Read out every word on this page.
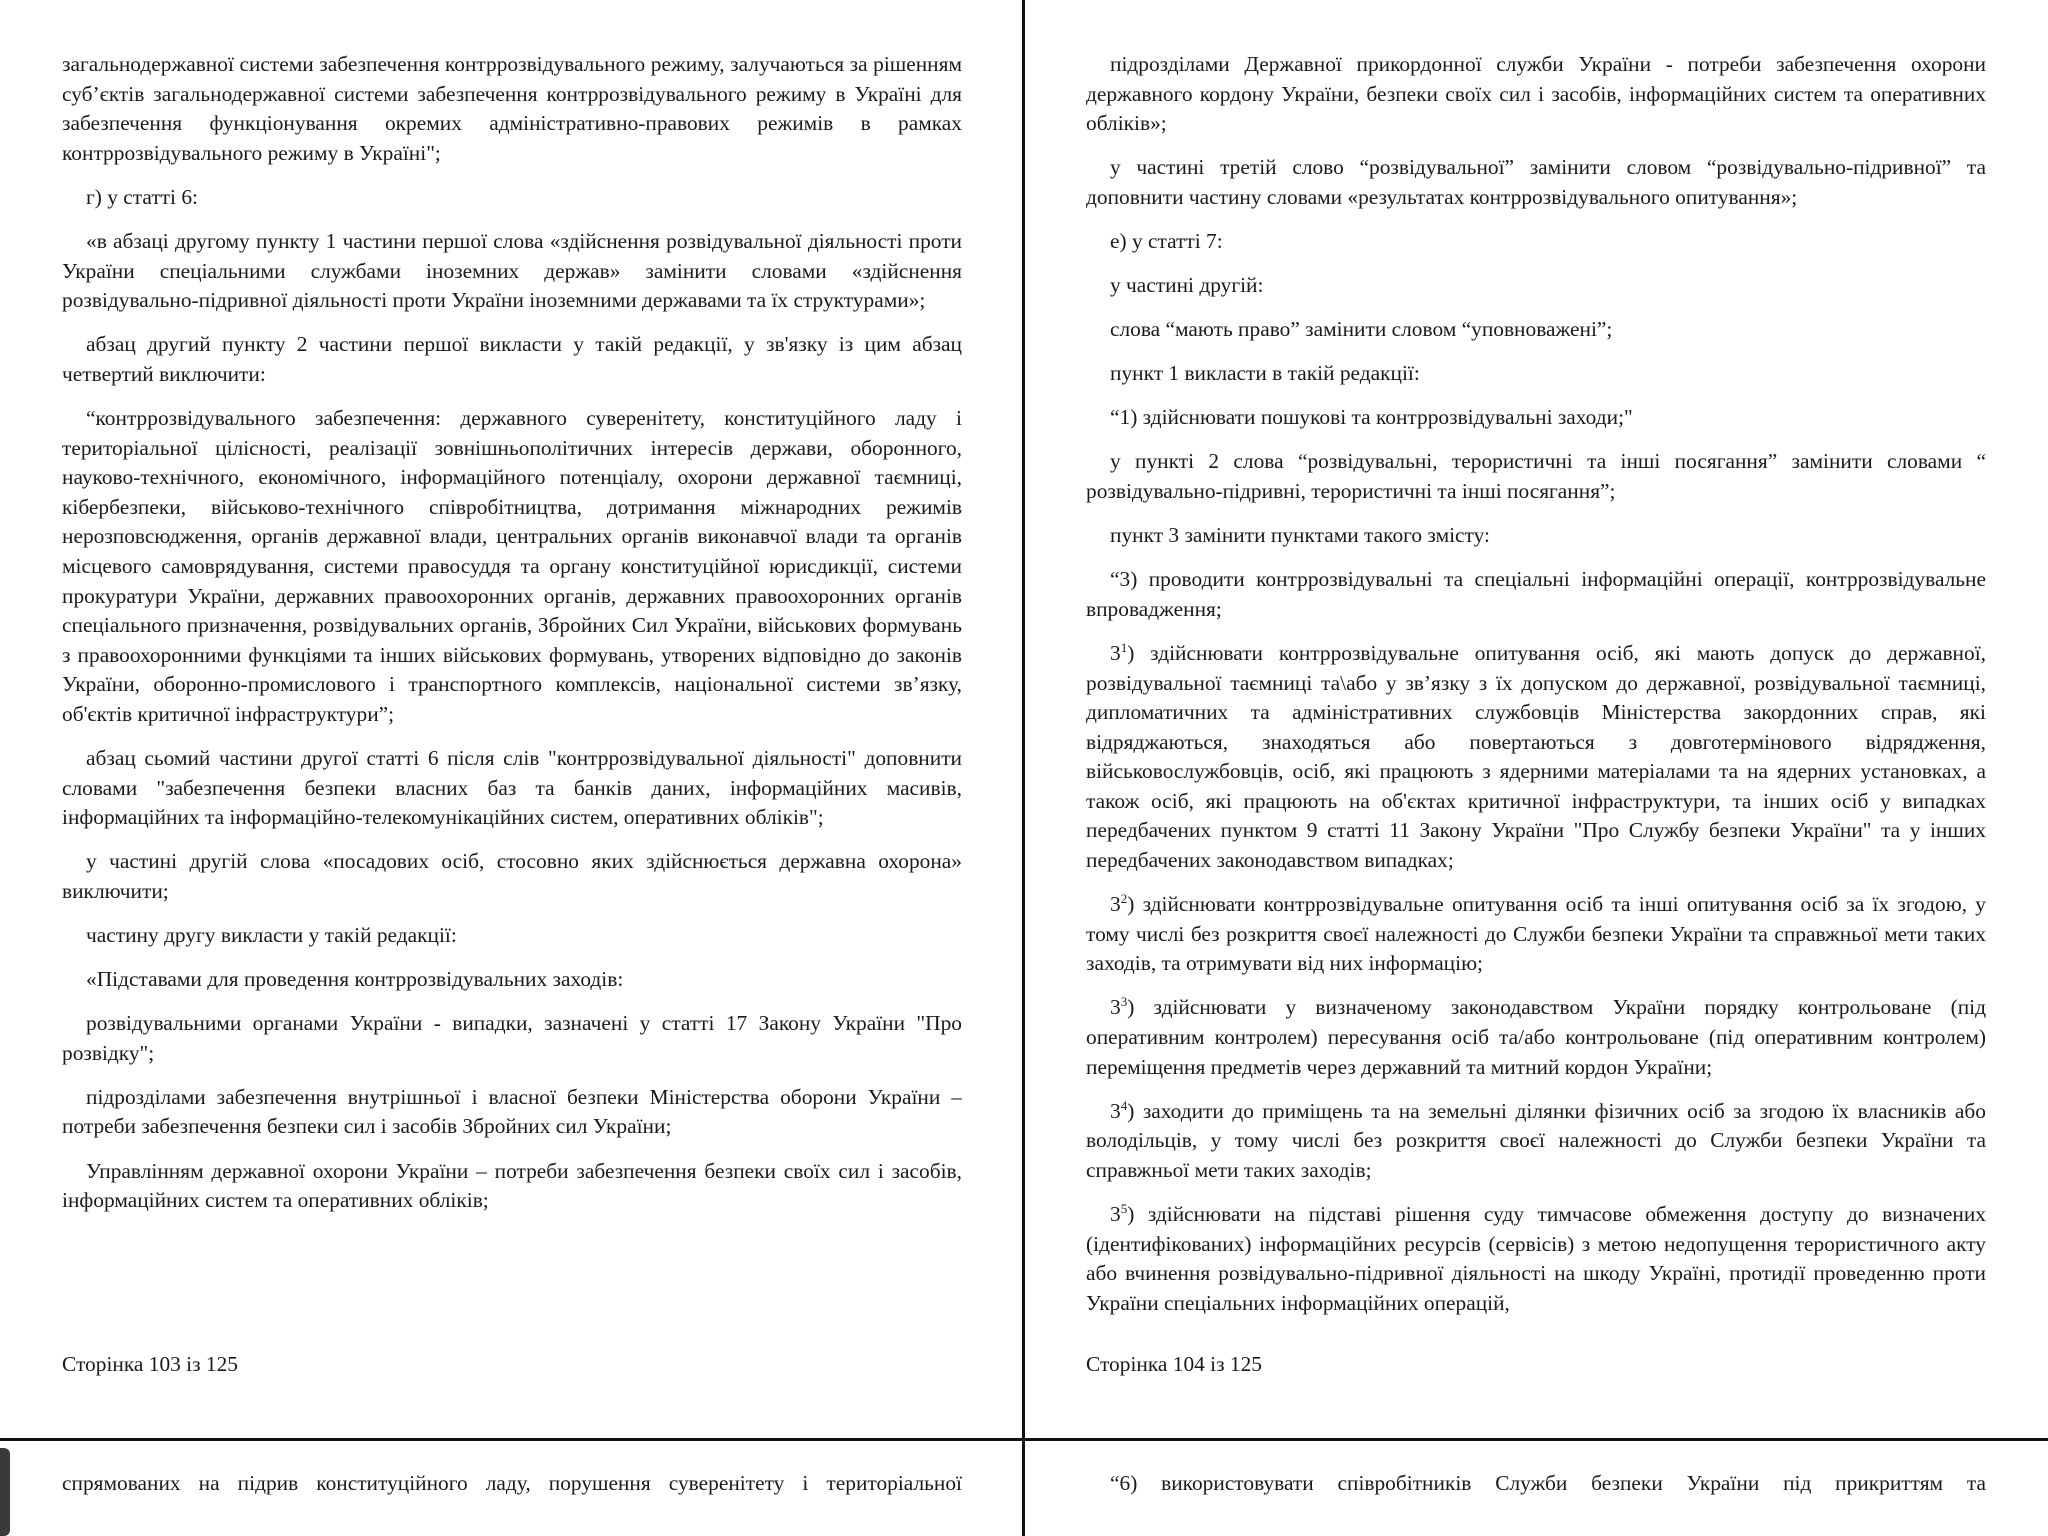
загальнодержавної системи забезпечення контррозвідувального режиму, залучаються за рішенням суб’єктів загальнодержавної системи забезпечення контррозвідувального режиму в Україні для забезпечення функціонування окремих адміністративно-правових режимів в рамках контррозвідувального режиму в Україні";

г) у статті 6:

«в абзаці другому пункту 1 частини першої слова «здійснення розвідувальної діяльності проти України спеціальними службами іноземних держав» замінити словами «здійснення розвідувально-підривної діяльності проти України іноземними державами та їх структурами»;

абзац другий пункту 2 частини першої викласти у такій редакції, у зв'язку із цим абзац четвертий виключити:

“контррозвідувального забезпечення: державного суверенітету, конституційного ладу і територіальної цілісності, реалізації зовнішньополітичних інтересів держави, оборонного, науково-технічного, економічного, інформаційного потенціалу, охорони державної таємниці, кібербезпеки, військово-технічного співробітництва, дотримання міжнародних режимів нерозповсюдження, органів державної влади, центральних органів виконавчої влади та органів місцевого самоврядування, системи правосуддя та органу конституційної юрисдикції, системи прокуратури України, державних правоохоронних органів, державних правоохоронних органів спеціального призначення, розвідувальних органів, Збройних Сил України, військових формувань з правоохоронними функціями та інших військових формувань, утворених відповідно до законів України, оборонно-промислового і транспортного комплексів, національної системи зв’язку, об'єктів критичної інфраструктури”;

абзац сьомий частини другої статті 6 після слів "контррозвідувальної діяльності" доповнити словами "забезпечення безпеки власних баз та банків даних, інформаційних масивів, інформаційних та інформаційно-телекомунікаційних систем, оперативних обліків";

у частині другій слова «посадових осіб, стосовно яких здійснюється державна охорона» виключити;

частину другу викласти у такій редакції:

«Підставами для проведення контррозвідувальних заходів:

розвідувальними органами України - випадки, зазначені у статті 17 Закону України "Про розвідку";

підрозділами забезпечення внутрішньої і власної безпеки Міністерства оборони України – потреби забезпечення безпеки сил і засобів Збройних сил України;

Управлінням державної охорони України – потреби забезпечення безпеки своїх сил і засобів, інформаційних систем та оперативних обліків;

Сторінка 103 із 125

підрозділами Державної прикордонної служби України - потреби забезпечення охорони державного кордону України, безпеки своїх сил і засобів, інформаційних систем та оперативних обліків»;

у частині третій слово “розвідувальної” замінити словом “розвідувально-підривної” та доповнити частину словами «результатах контррозвідувального опитування»;

е) у статті 7:

у частині другій:

слова “мають право” замінити словом “уповноважені”;

пункт 1 викласти в такій редакції:

“1) здійснювати пошукові та контррозвідувальні заходи;"

у пункті 2 слова “розвідувальні, терористичні та інші посягання” замінити словами “ розвідувально-підривні, терористичні та інші посягання”;

пункт 3 замінити пунктами такого змісту:

“3) проводити контррозвідувальні та спеціальні інформаційні операції, контррозвідувальне впровадження;

$3^1$) здійснювати контррозвідувальне опитування осіб, які мають допуск до державної, розвідувальної таємниці та\або у зв’язку з їх допуском до державної, розвідувальної таємниці, дипломатичних та адміністративних службовців Міністерства закордонних справ, які відряджаються, знаходяться або повертаються з довготермінового відрядження, військовослужбовців, осіб, які працюють з ядерними матеріалами та на ядерних установках, а також осіб, які працюють на об'єктах критичної інфраструктури, та інших осіб у випадках передбачених пунктом 9 статті 11 Закону України "Про Службу безпеки України" та у інших передбачених законодавством випадках;

$3^2$) здійснювати контррозвідувальне опитування осіб та інші опитування осіб за їх згодою, у тому числі без розкриття своєї належності до Служби безпеки України та справжньої мети таких заходів, та отримувати від них інформацію;

$3^3$) здійснювати у визначеному законодавством України порядку контрольоване (під оперативним контролем) пересування осіб та/або контрольоване (під оперативним контролем) переміщення предметів через державний та митний кордон України;

$3^4$) заходити до приміщень та на земельні ділянки фізичних осіб за згодою їх власників або володільців, у тому числі без розкриття своєї належності до Служби безпеки України та справжньої мети таких заходів;

$3^5$) здійснювати на підставі рішення суду тимчасове обмеження доступу до визначених (ідентифікованих) інформаційних ресурсів (сервісів) з метою недопущення терористичного акту або вчинення розвідувально-підривної діяльності на шкоду Україні, протидії проведенню проти України спеціальних інформаційних операцій,

Сторінка 104 із 125
спрямованих на підрив конституційного ладу, порушення суверенітету і територіальної	“6) використовувати співробітників Служби безпеки України під прикриттям та
